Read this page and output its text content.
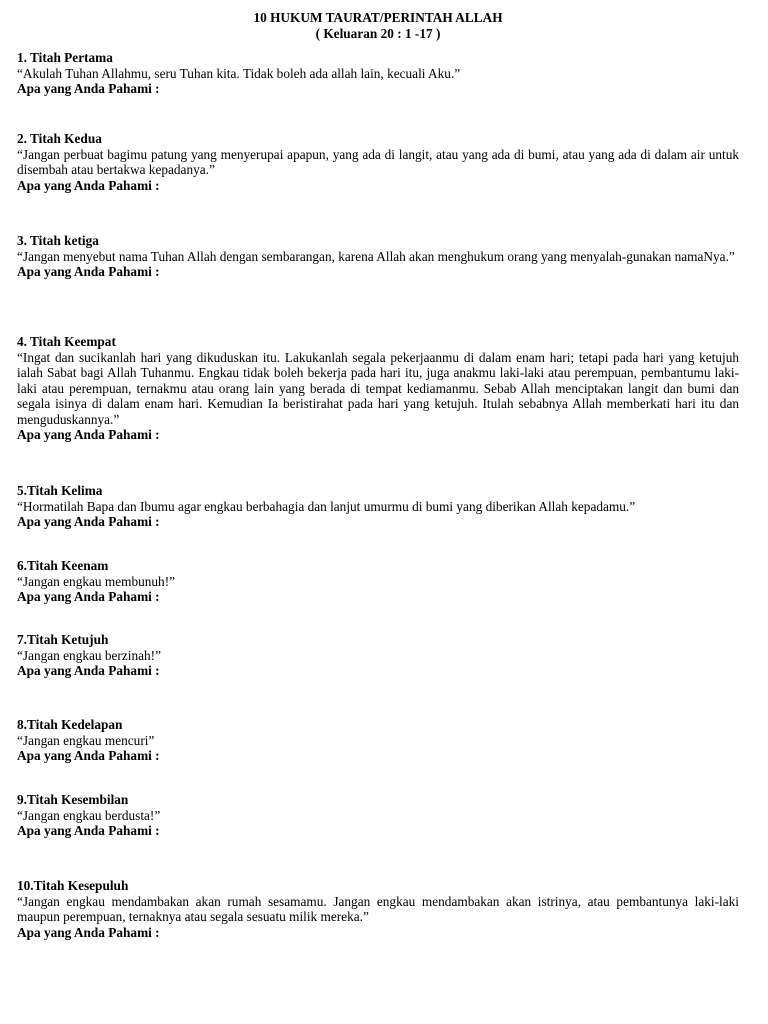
10 HUKUM TAURAT/PERINTAH ALLAH

( Keluaran 20 : 1 -17 )

1. Titah Pertama

“Akulah Tuhan Allahmu, seru Tuhan kita. Tidak boleh ada allah lain, kecuali Aku.”

Apa yang Anda Pahami :

2. Titah Kedua

“Jangan perbuat bagimu patung yang menyerupai apapun, yang ada di langit, atau yang ada di bumi, atau yang ada di dalam air untuk disembah atau bertakwa kepadanya.”

Apa yang Anda Pahami :

3. Titah ketiga

“Jangan menyebut nama Tuhan Allah dengan sembarangan, karena Allah akan menghukum orang yang menyalah-gunakan namaNya.”

Apa yang Anda Pahami :

4. Titah Keempat

“Ingat dan sucikanlah hari yang dikuduskan itu. Lakukanlah segala pekerjaanmu di dalam enam hari; tetapi pada hari yang ketujuh ialah Sabat bagi Allah Tuhanmu. Engkau tidak boleh bekerja pada hari itu, juga anakmu laki-laki atau perempuan, pembantumu laki-laki atau perempuan, ternakmu atau orang lain yang berada di tempat kediamanmu. Sebab Allah menciptakan langit dan bumi dan segala isinya di dalam enam hari. Kemudian Ia beristirahat pada hari yang ketujuh. Itulah sebabnya Allah memberkati hari itu dan menguduskannya.”

Apa yang Anda Pahami :

5.Titah Kelima

“Hormatilah Bapa dan Ibumu agar engkau berbahagia dan lanjut umurmu di bumi yang diberikan Allah kepadamu.”

Apa yang Anda Pahami :

6.Titah Keenam

“Jangan engkau membunuh!”

Apa yang Anda Pahami :

7.Titah Ketujuh

“Jangan engkau berzinah!”

Apa yang Anda Pahami :

8.Titah Kedelapan

“Jangan engkau mencuri”

Apa yang Anda Pahami :

9.Titah Kesembilan

“Jangan engkau berdusta!”

Apa yang Anda Pahami :

10.Titah Kesepuluh

“Jangan engkau mendambakan akan rumah sesamamu. Jangan engkau mendambakan akan istrinya, atau pembantunya laki-laki maupun perempuan, ternaknya atau segala sesuatu milik mereka.”

Apa yang Anda Pahami :
